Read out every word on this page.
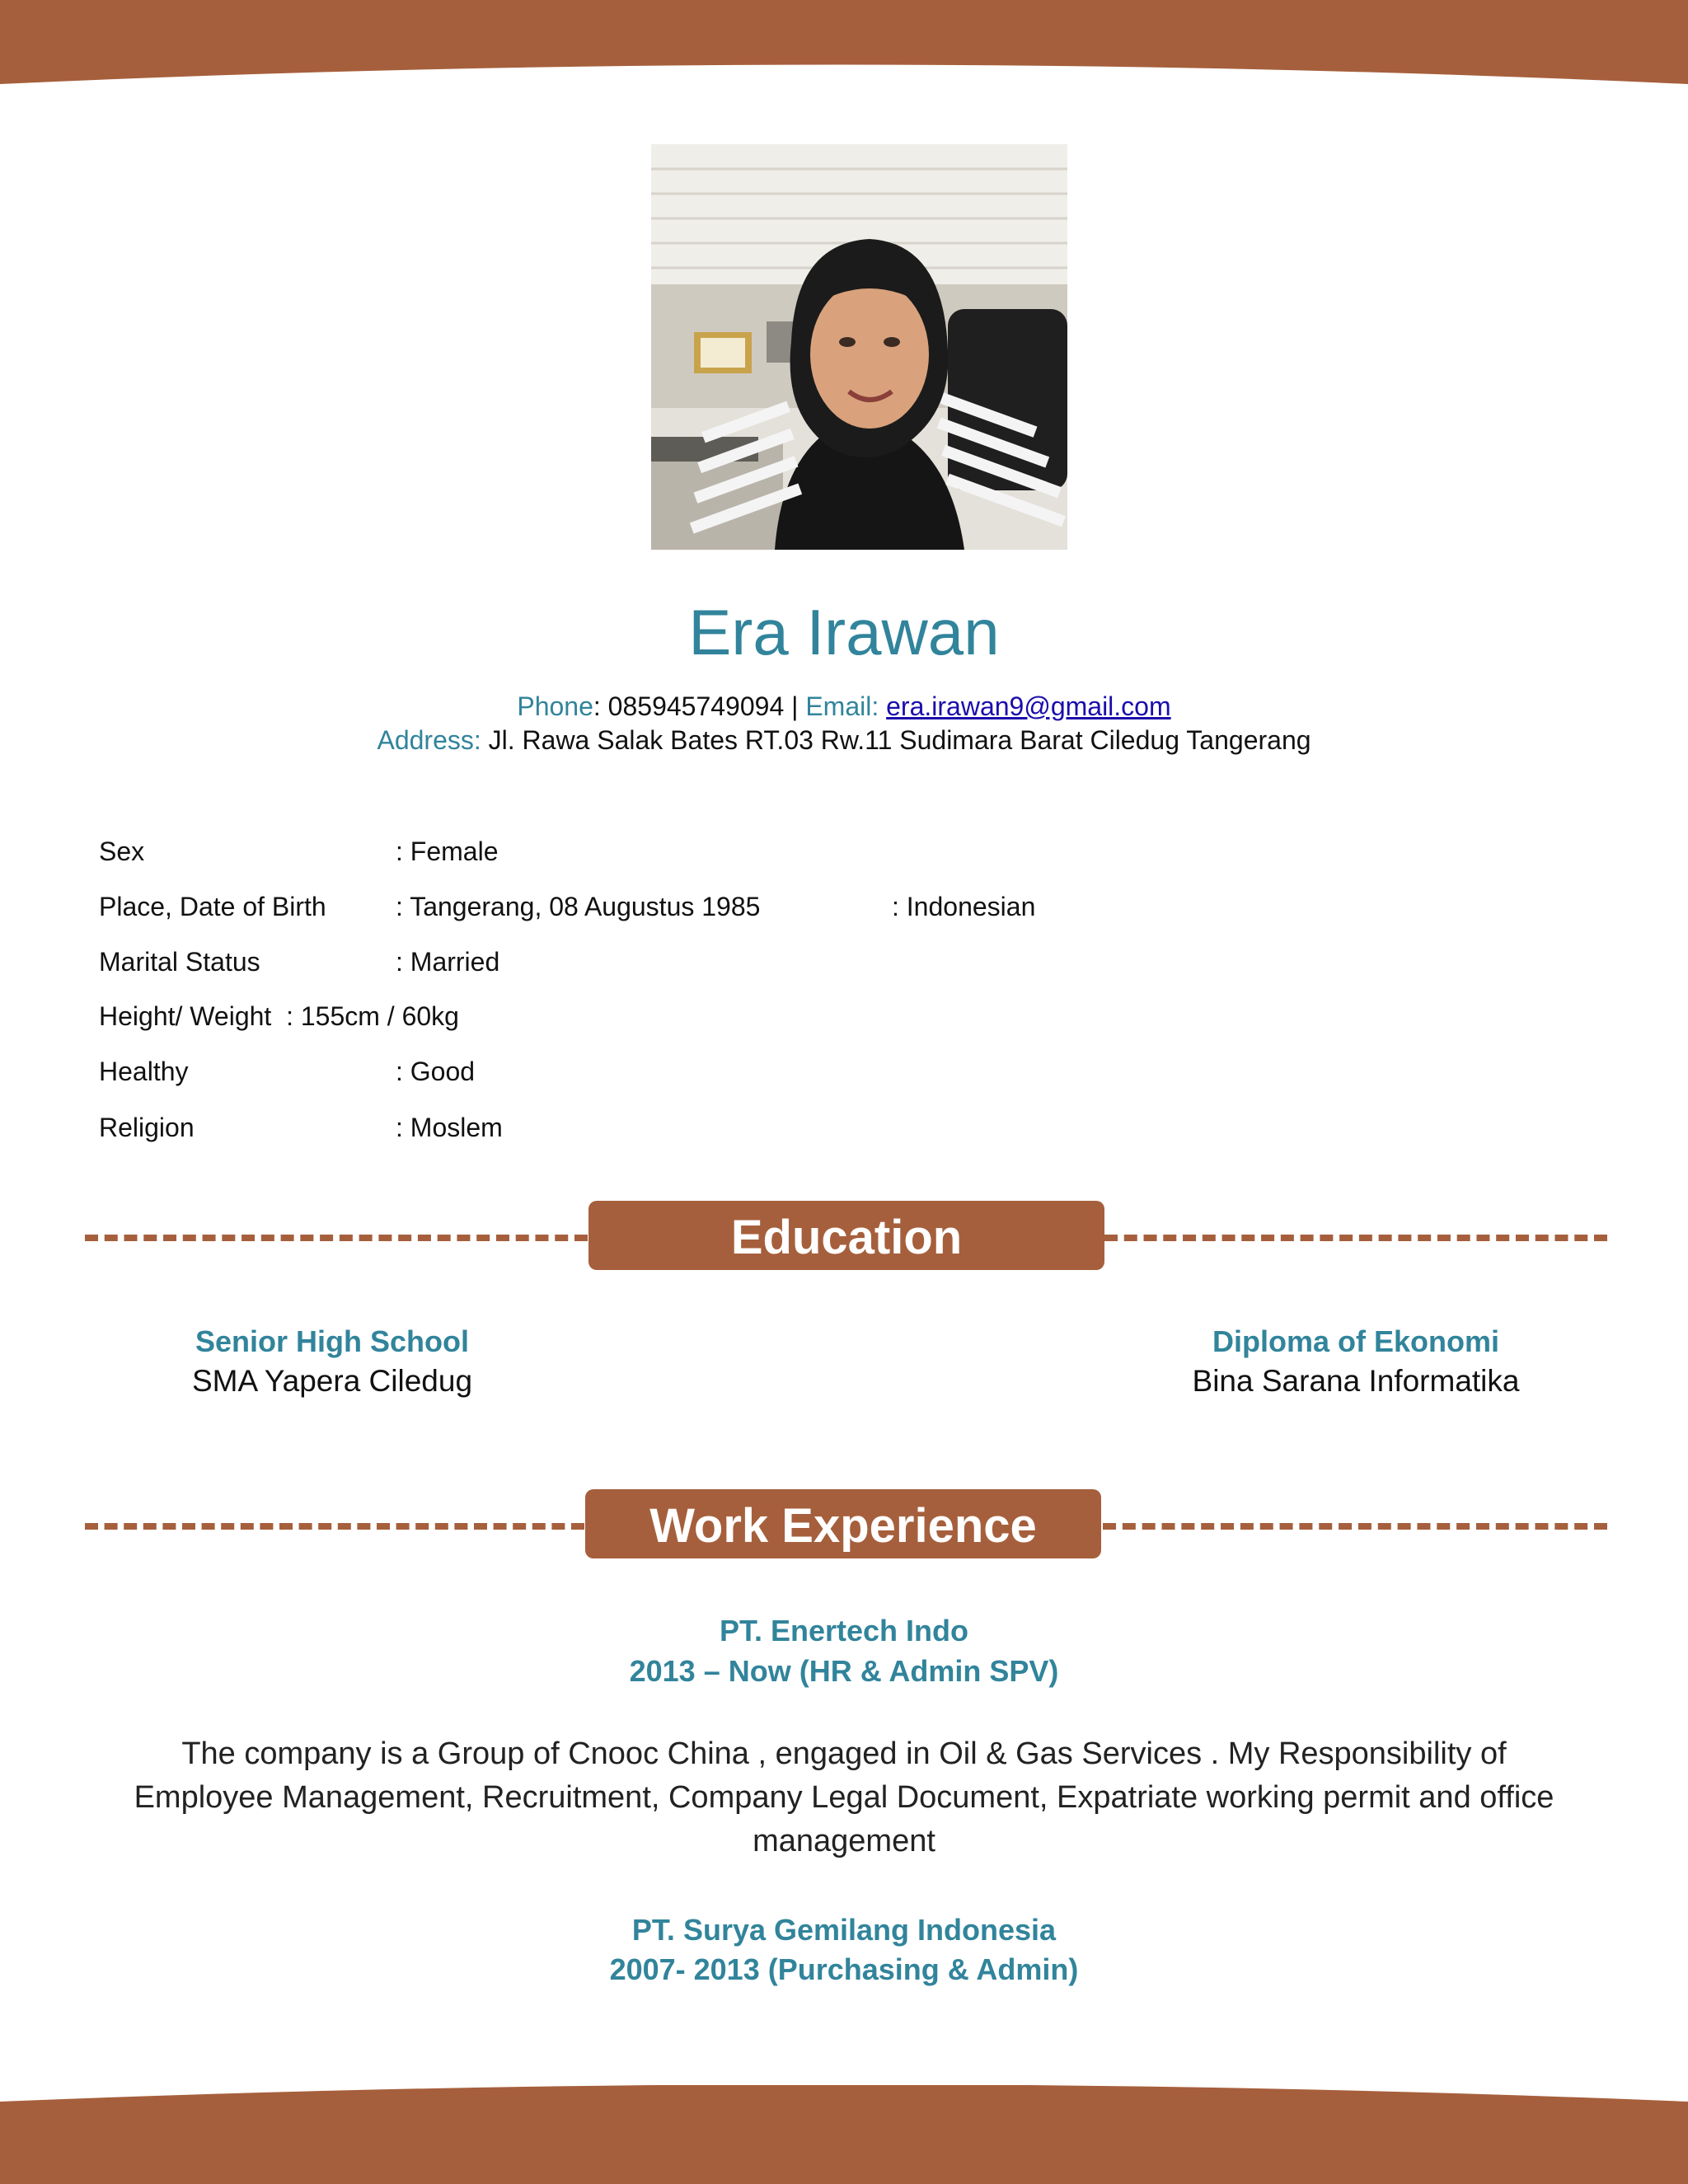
Era Irawan
Phone: 085945749094 | Email: era.irawan9@gmail.com
Address: Jl. Rawa Salak Bates RT.03 Rw.11 Sudimara Barat Ciledug Tangerang
Sex	: Female
Place, Date of Birth	: Tangerang, 08 Augustus 1985	: Indonesian
Marital Status	: Married
Height/ Weight  : 155cm / 60kg
Healthy	: Good
Religion	: Moslem
Education
Senior High School
SMA Yapera Ciledug
Diploma of Ekonomi
Bina Sarana Informatika
Work Experience
PT. Enertech Indo
2013 – Now (HR & Admin SPV)
The company is a Group of Cnooc China , engaged in Oil & Gas Services . My Responsibility of Employee Management, Recruitment, Company Legal Document, Expatriate working permit and office management
PT. Surya Gemilang Indonesia
2007- 2013 (Purchasing & Admin)
